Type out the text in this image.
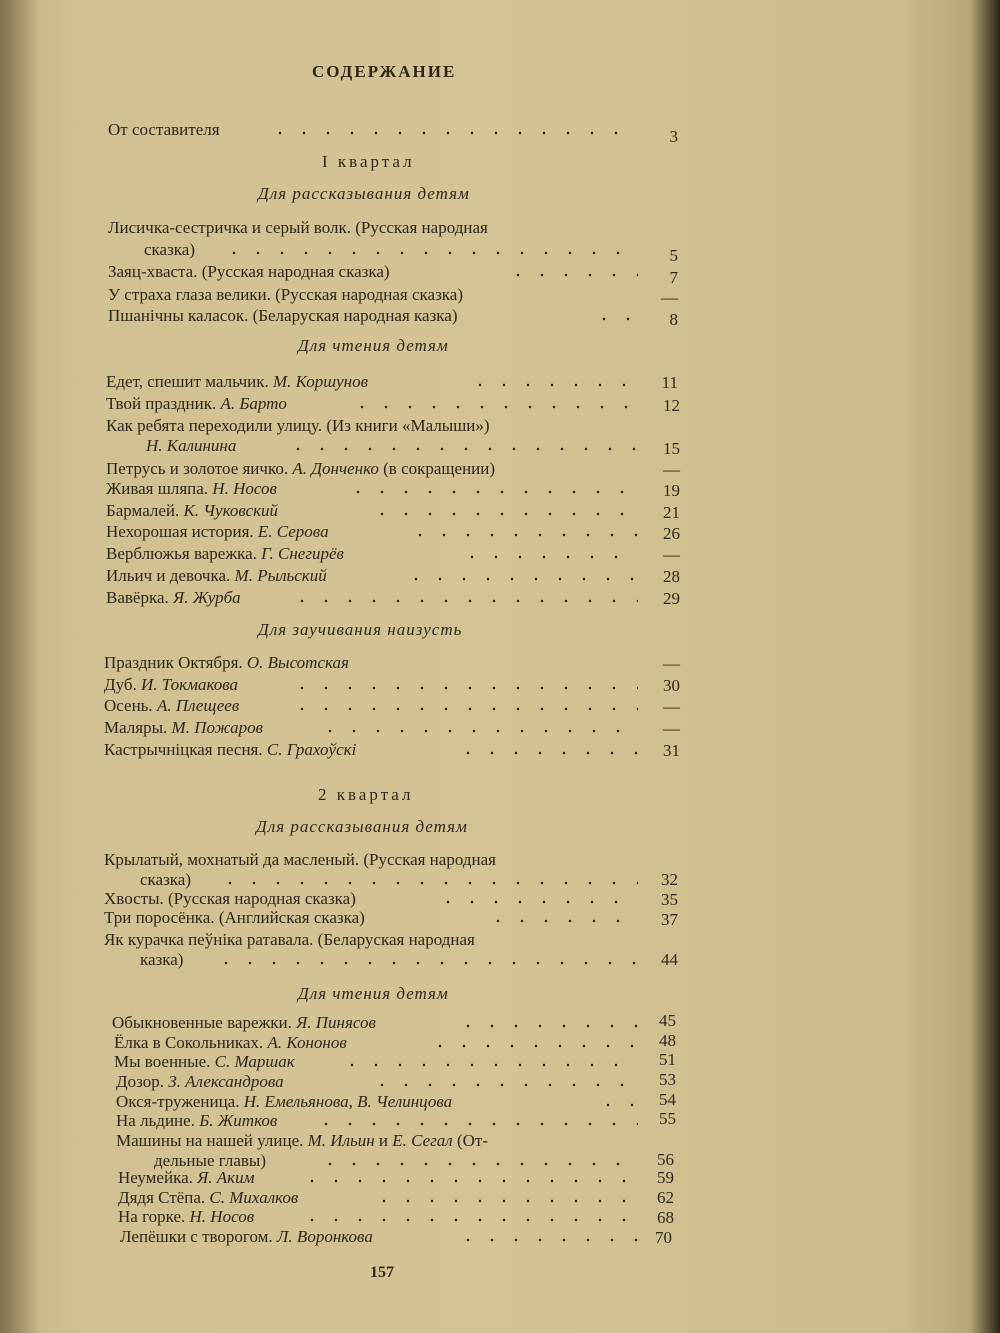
СОДЕРЖАНИЕ
От составителя	3
I квартал
Для рассказывания детям
Лисичка-сестричка и серый волк. (Русская народная
сказка)	5
Заяц-хваста. (Русская народная сказка)	7
У страха глаза велики. (Русская народная сказка)	—
Пшанічны каласок. (Беларуская народная казка)	8
Для чтения детям
Едет, спешит мальчик. М. Коршунов	11
Твой праздник. А. Барто	12
Как ребята переходили улицу. (Из книги «Малыши»)
Н. Калинина	15
Петрусь и золотое яичко. А. Донченко (в сокращении)	—
Живая шляпа. Н. Носов	19
Бармалей. К. Чуковский	21
Нехорошая история. Е. Серова	26
Верблюжья варежка. Г. Снегирёв	—
Ильич и девочка. М. Рыльский	28
Вавёрка. Я. Журба	29
Для заучивания наизусть
Праздник Октября. О. Высотская	—
Дуб. И. Токмакова	30
Осень. А. Плещеев	—
Маляры. М. Пожаров	—
Кастрычніцкая песня. С. Грахоўскі	31
2 квартал
Для рассказывания детям
Крылатый, мохнатый да масленый. (Русская народная
сказка)	32
Хвосты. (Русская народная сказка)	35
Три поросёнка. (Английская сказка)	37
Як курачка пеўніка ратавала. (Беларуская народная
казка)	44
Для чтения детям
Обыкновенные варежки. Я. Пинясов	45
Ёлка в Сокольниках. А. Кононов	48
Мы военные. С. Маршак	51
Дозор. З. Александрова	53
Окся-труженица. Н. Емельянова, В. Челинцова	54
На льдине. Б. Житков	55
Машины на нашей улице. М. Ильин и Е. Сегал (От-
дельные главы)	56
Неумейка. Я. Аким	59
Дядя Стёпа. С. Михалков	62
На горке. Н. Носов	68
Лепёшки с творогом. Л. Воронкова	70
157
